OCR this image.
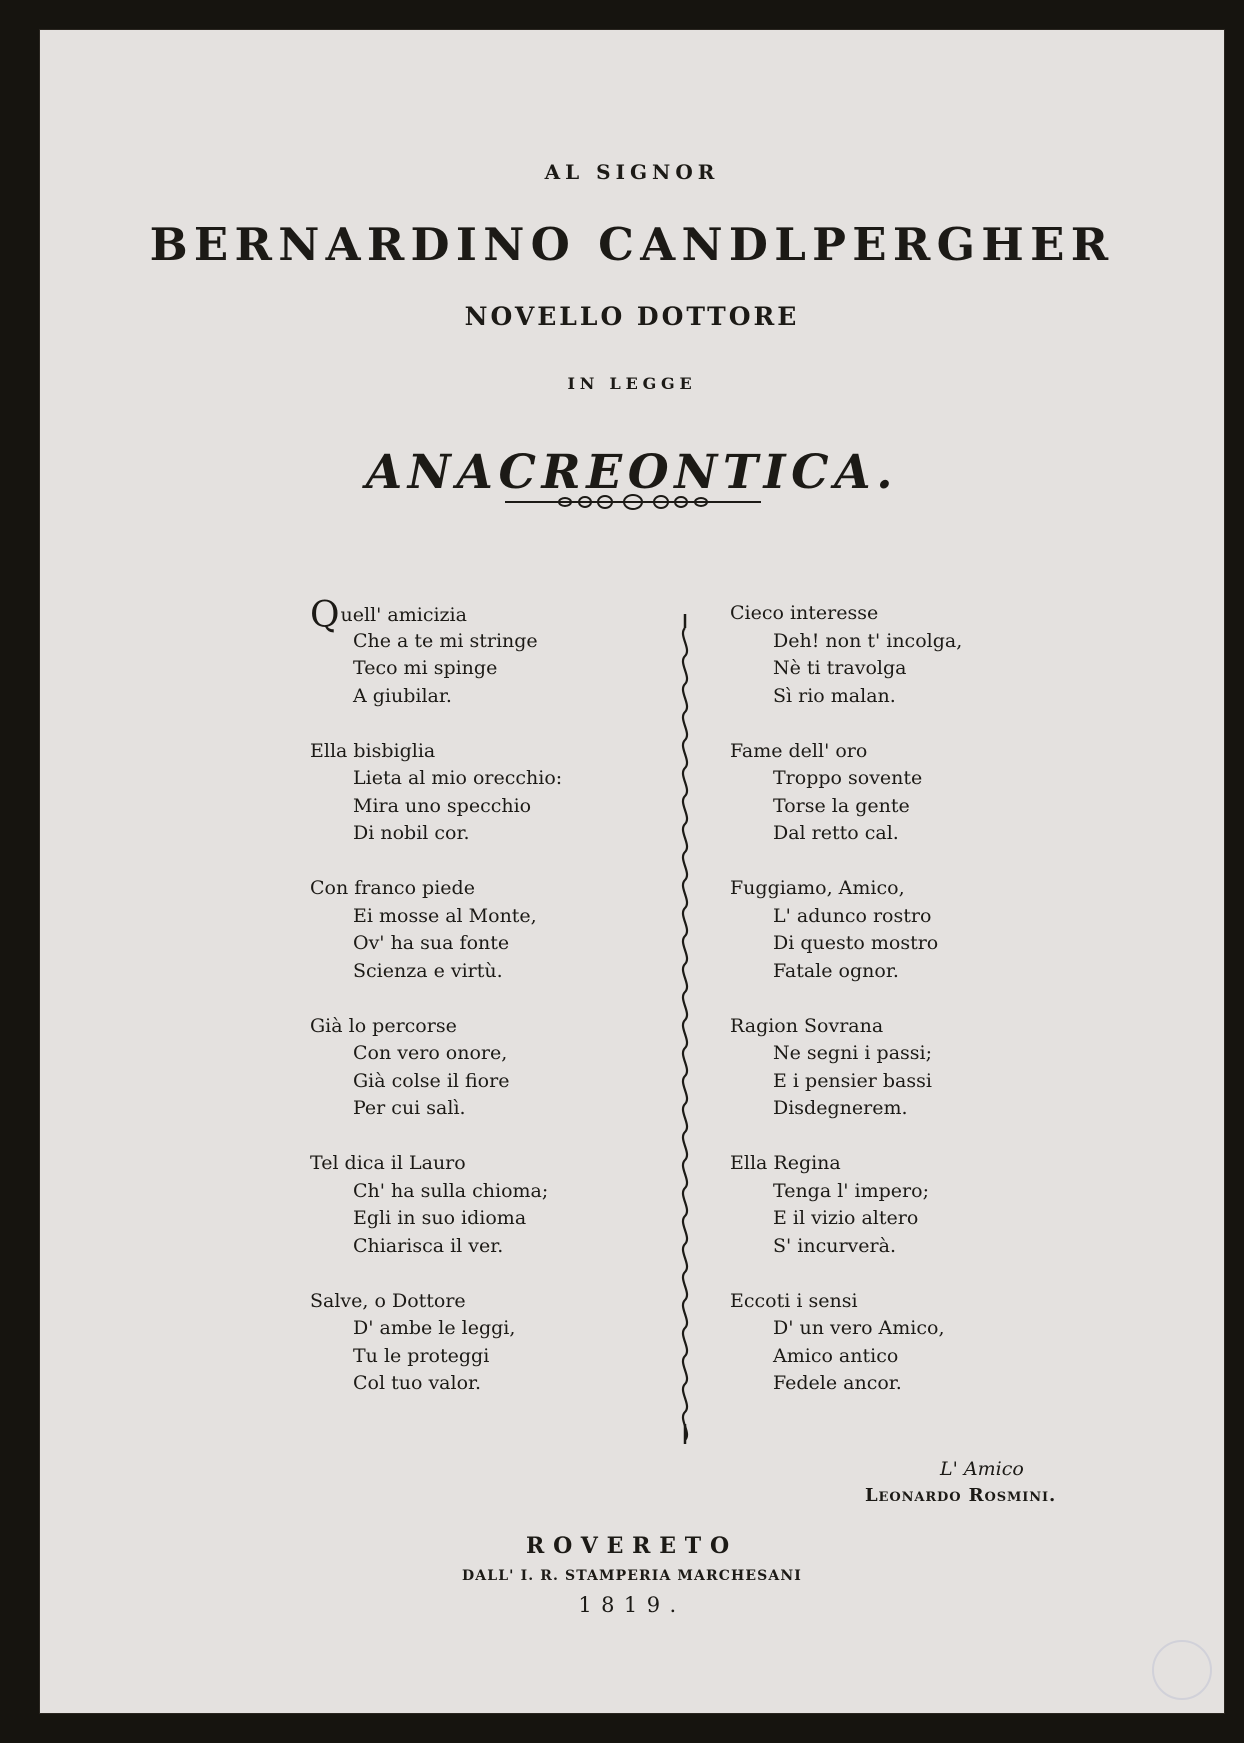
AL SIGNOR
BERNARDINO CANDLPERGHER
NOVELLO DOTTORE
IN LEGGE
ANACREONTICA.
Quell' amicizia
Che a te mi stringe
Teco mi spinge
A giubilar.
Ella bisbiglia
Lieta al mio orecchio:
Mira uno specchio
Di nobil cor.
Con franco piede
Ei mosse al Monte,
Ov' ha sua fonte
Scienza e virtù.
Già lo percorse
Con vero onore,
Già colse il fiore
Per cui salì.
Tel dica il Lauro
Ch' ha sulla chioma;
Egli in suo idioma
Chiarisca il ver.
Salve, o Dottore
D' ambe le leggi,
Tu le proteggi
Col tuo valor.
Cieco interesse
Deh! non t' incolga,
Nè ti travolga
Sì rio malan.
Fame dell' oro
Troppo sovente
Torse la gente
Dal retto cal.
Fuggiamo, Amico,
L' adunco rostro
Di questo mostro
Fatale ognor.
Ragion Sovrana
Ne segni i passi;
E i pensier bassi
Disdegnerem.
Ella Regina
Tenga l' impero;
E il vizio altero
S' incurverà.
Eccoti i sensi
D' un vero Amico,
Amico antico
Fedele ancor.
L' Amico
Leonardo Rosmini.
ROVERETO
DALL' I. R. STAMPERIA MARCHESANI
1819.
